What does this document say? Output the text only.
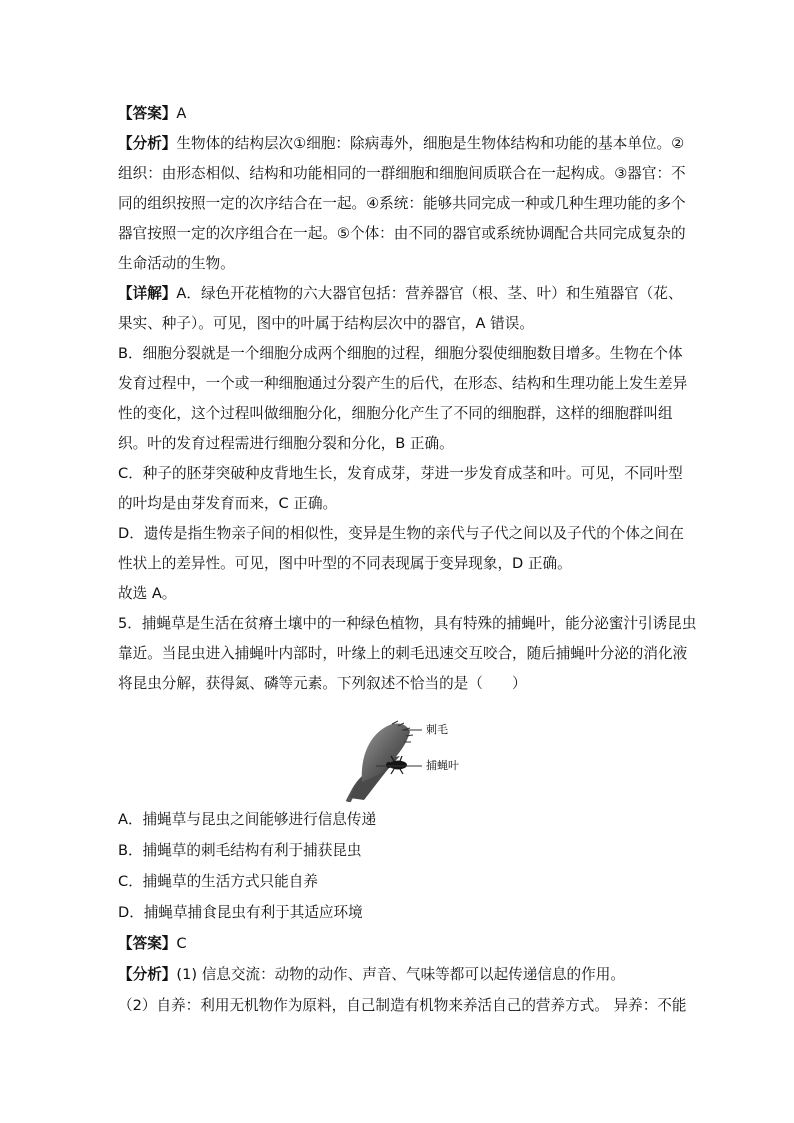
【答案】A
【分析】生物体的结构层次①细胞：除病毒外，细胞是生物体结构和功能的基本单位。②
组织：由形态相似、结构和功能相同的一群细胞和细胞间质联合在一起构成。③器官：不
同的组织按照一定的次序结合在一起。④系统：能够共同完成一种或几种生理功能的多个
器官按照一定的次序组合在一起。⑤个体：由不同的器官或系统协调配合共同完成复杂的
生命活动的生物。
【详解】A．绿色开花植物的六大器官包括：营养器官（根、茎、叶）和生殖器官（花、
果实、种子）。可见，图中的叶属于结构层次中的器官，A 错误。
B．细胞分裂就是一个细胞分成两个细胞的过程，细胞分裂使细胞数目增多。生物在个体
发育过程中，一个或一种细胞通过分裂产生的后代，在形态、结构和生理功能上发生差异
性的变化，这个过程叫做细胞分化，细胞分化产生了不同的细胞群，这样的细胞群叫组
织。叶的发育过程需进行细胞分裂和分化，B 正确。
C．种子的胚芽突破种皮背地生长，发育成芽，芽进一步发育成茎和叶。可见，不同叶型
的叶均是由芽发育而来，C 正确。
D．遗传是指生物亲子间的相似性，变异是生物的亲代与子代之间以及子代的个体之间在
性状上的差异性。可见，图中叶型的不同表现属于变异现象，D 正确。
故选 A。
5．捕蝇草是生活在贫瘠土壤中的一种绿色植物，具有特殊的捕蝇叶，能分泌蜜汁引诱昆虫
靠近。当昆虫进入捕蝇叶内部时，叶缘上的刺毛迅速交互咬合，随后捕蝇叶分泌的消化液
将昆虫分解，获得氮、磷等元素。下列叙述不恰当的是（　　）
刺毛
捕蝇叶
A．捕蝇草与昆虫之间能够进行信息传递
B．捕蝇草的刺毛结构有利于捕获昆虫
C．捕蝇草的生活方式只能自养
D．捕蝇草捕食昆虫有利于其适应环境
【答案】C
【分析】(1) 信息交流：动物的动作、声音、气味等都可以起传递信息的作用。
（2）自养：利用无机物作为原料，自己制造有机物来养活自己的营养方式。 异养：不能
